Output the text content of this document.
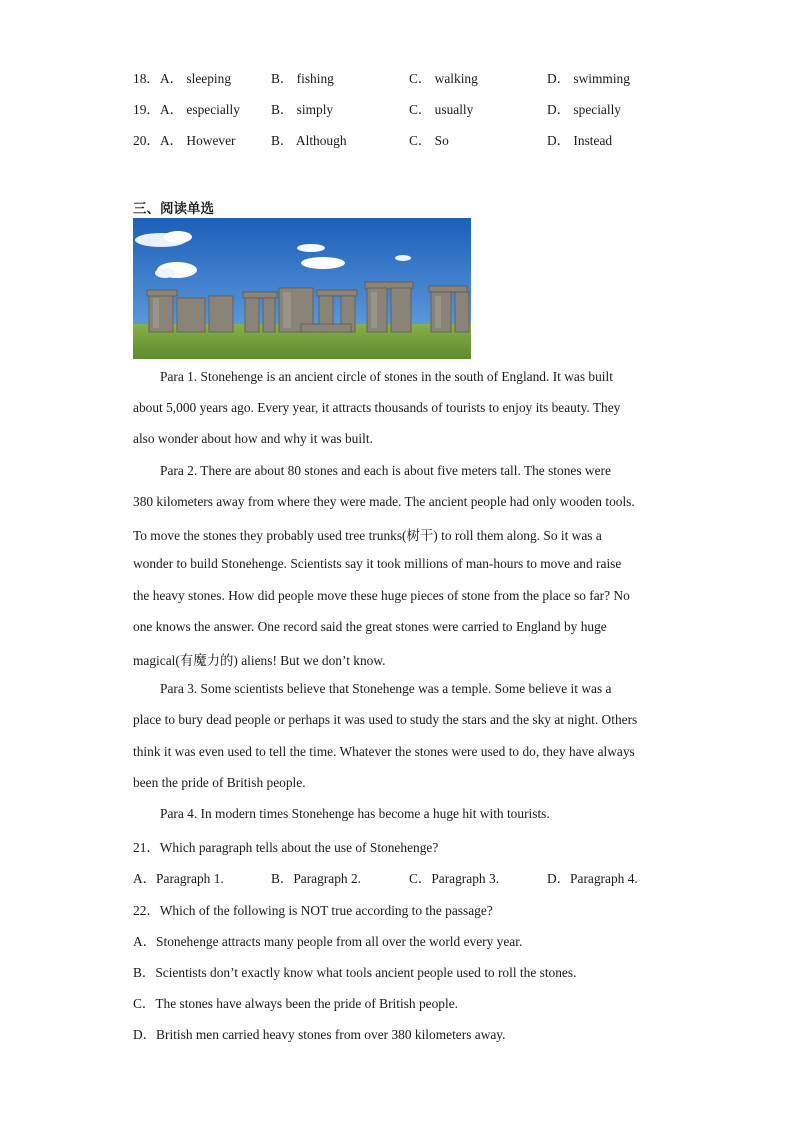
18． A． sleeping	B． fishing	C． walking	D． swimming
19． A． especially B． simply	C． usually	D． specially
20． A． However	B． Although	C． So	D． Instead
三、阅读单选
Para 1. Stonehenge is an ancient circle of stones in the south of England. It was built
about 5,000 years ago. Every year, it attracts thousands of tourists to enjoy its beauty. They
also wonder about how and why it was built.
Para 2. There are about 80 stones and each is about five meters tall. The stones were
380 kilometers away from where they were made. The ancient people had only wooden tools.
To move the stones they probably used tree trunks(树干) to roll them along. So it was a
wonder to build Stonehenge. Scientists say it took millions of man-hours to move and raise
the heavy stones. How did people move these huge pieces of stone from the place so far? No
one knows the answer. One record said the great stones were carried to England by huge
magical(有魔力的) aliens! But we don’t know.
Para 3. Some scientists believe that Stonehenge was a temple. Some believe it was a
place to bury dead people or perhaps it was used to study the stars and the sky at night. Others
think it was even used to tell the time. Whatever the stones were used to do, they have always
been the pride of British people.
Para 4. In modern times Stonehenge has become a huge hit with tourists.
21．Which paragraph tells about the use of Stonehenge?
A．Paragraph 1.	B．Paragraph 2.	C．Paragraph 3.	D．Paragraph 4.
22．Which of the following is NOT true according to the passage?
A．Stonehenge attracts many people from all over the world every year.
B．Scientists don’t exactly know what tools ancient people used to roll the stones.
C．The stones have always been the pride of British people.
D．British men carried heavy stones from over 380 kilometers away.
